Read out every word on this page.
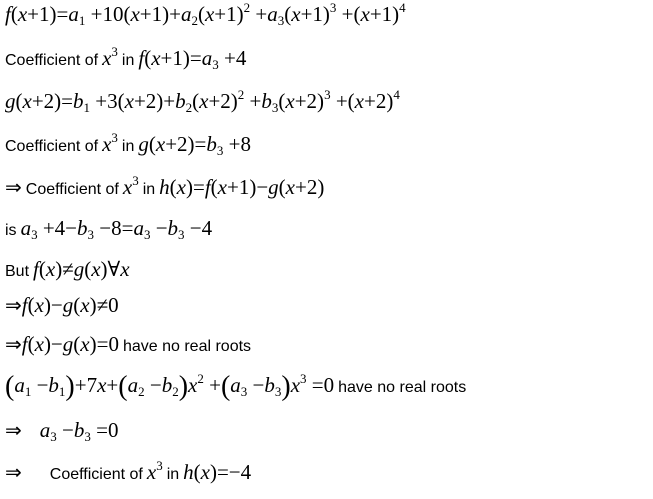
$f(x+1)=a_1 +10(x+1)+a_2(x+1)^2 +a_3(x+1)^3 +(x+1)^4$
Coefficient of $x^3$ in $f(x+1)=a_3 +4$
$g(x+2)=b_1 +3(x+2)+b_2(x+2)^2 +b_3(x+2)^3 +(x+2)^4$
Coefficient of $x^3$ in $g(x+2)=b_3 +8$
⇒ Coefficient of $x^3$ in h(x)=f(x+1)−g(x+2)
is $a_3 +4-b_3 -8=a_3 -b_3 -4$
But f(x)≠g(x)∀x
⇒f(x)−g(x)≠0
⇒f(x)−g(x)=0 have no real roots
$(a_1 -b_1)+7x+(a_2 -b_2)x^2 +(a_3 -b_3)x^3 =0$ have no real roots
⇒ $a_3 -b_3 =0$
⇒ Coefficient of $x^3$ in h(x)=−4
